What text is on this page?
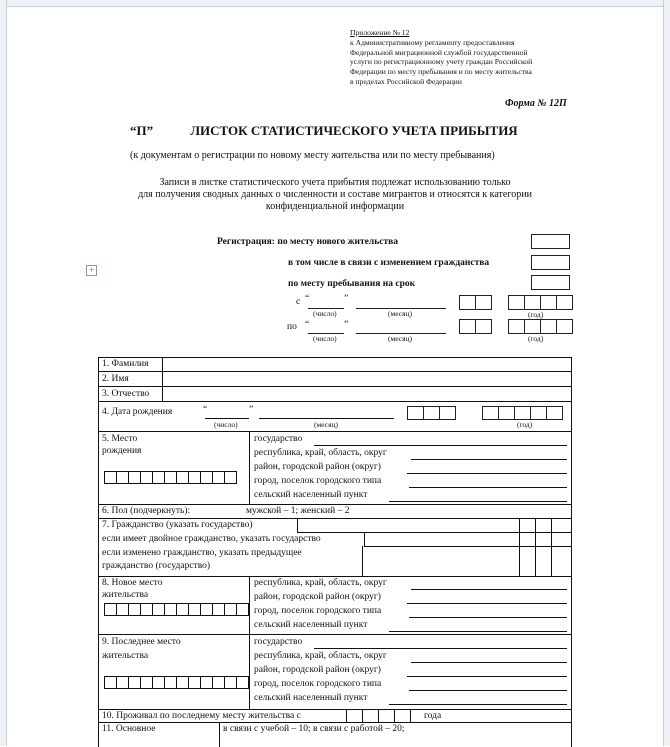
Приложение № 12
к Административному регламенту предоставления
Федеральной миграционной службой государственной
услуги по регистрационному учету граждан Российской
Федерации по месту пребывания и по месту жительства
в пределах Российской Федерации
Форма № 12П
“П”	ЛИСТОК СТАТИСТИЧЕСКОГО УЧЕТА ПРИБЫТИЯ
(к документам о регистрации по новому месту жительства или по месту пребывания)
Записи в листке статистического учета прибытия подлежат использованию только
для получения сводных данных о численности и составе мигрантов и относятся к категории
конфиденциальной информации
Регистрация: по месту нового жительства
в том числе в связи с изменением гражданства
по месту пребывания на срок
+
с “	”
(число)	(месяц)	(год)
по “	”
(число)	(месяц)	(год)
1. Фамилия
2. Имя
3. Отчество
4. Дата рождения	“	”
(число)	(месяц)	(год)
5. Место
рождения
государство
республика, край, область, округ
район, городской район (округ)
город, поселок городского типа
сельский населенный пункт
6. Пол (подчеркнуть):	мужской – 1; женский – 2
7. Гражданство (указать государство)
если имеет двойное гражданство, указать государство
если изменено гражданство, указать предыдущее
гражданство (государство)
8. Новое место
жительства
республика, край, область, округ
район, городской район (округ)
город, поселок городского типа
сельский населенный пункт
9. Последнее место
жительства
государство
республика, край, область, округ
район, городской район (округ)
город, поселок городского типа
сельский населенный пункт
10. Проживал по последнему месту жительства с	года
11. Основное	в связи с учебой – 10; в связи с работой – 20;
